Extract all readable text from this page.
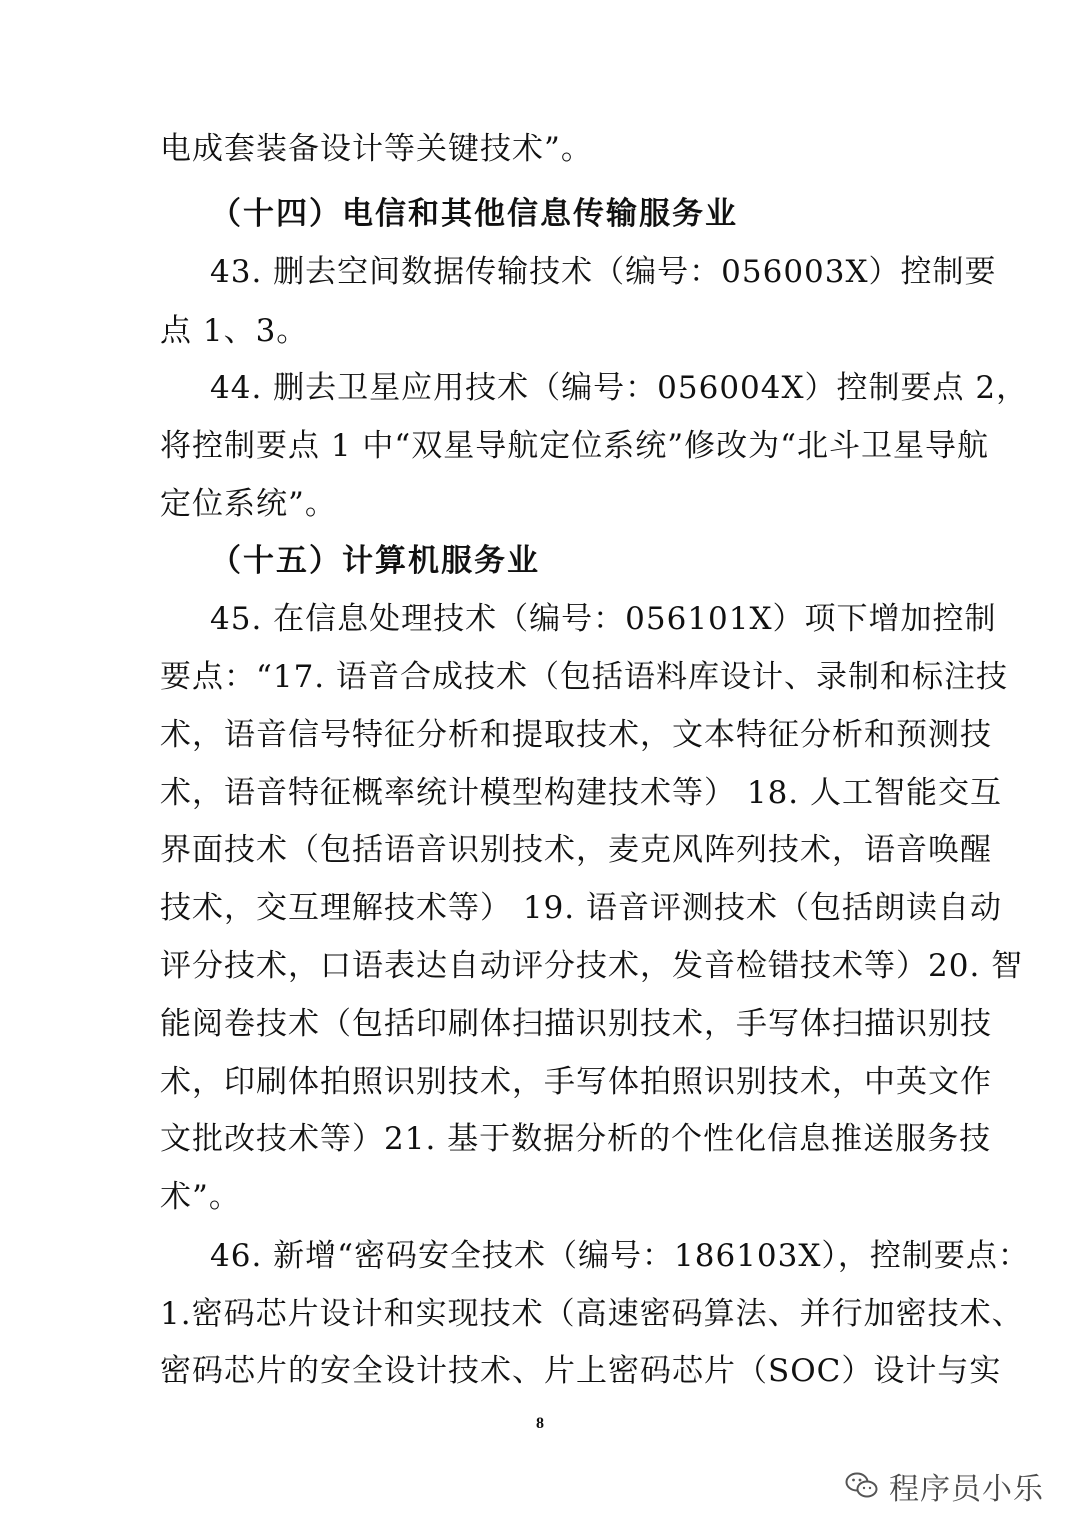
电成套装备设计等关键技术”。
（十四）电信和其他信息传输服务业
43. 删去空间数据传输技术（编号：056003X）控制要
点 1、3。
44. 删去卫星应用技术（编号：056004X）控制要点 2，
将控制要点 1 中“双星导航定位系统”修改为“北斗卫星导航
定位系统”。
（十五）计算机服务业
45. 在信息处理技术（编号：056101X）项下增加控制
要点：“17. 语音合成技术（包括语料库设计、录制和标注技
术，语音信号特征分析和提取技术，文本特征分析和预测技
术，语音特征概率统计模型构建技术等） 18. 人工智能交互
界面技术（包括语音识别技术，麦克风阵列技术，语音唤醒
技术，交互理解技术等） 19. 语音评测技术（包括朗读自动
评分技术，口语表达自动评分技术，发音检错技术等）20. 智
能阅卷技术（包括印刷体扫描识别技术，手写体扫描识别技
术，印刷体拍照识别技术，手写体拍照识别技术，中英文作
文批改技术等）21. 基于数据分析的个性化信息推送服务技
术”。
46. 新增“密码安全技术（编号：186103X），控制要点：
1.密码芯片设计和实现技术（高速密码算法、并行加密技术、
密码芯片的安全设计技术、片上密码芯片（SOC）设计与实
8
程序员小乐
